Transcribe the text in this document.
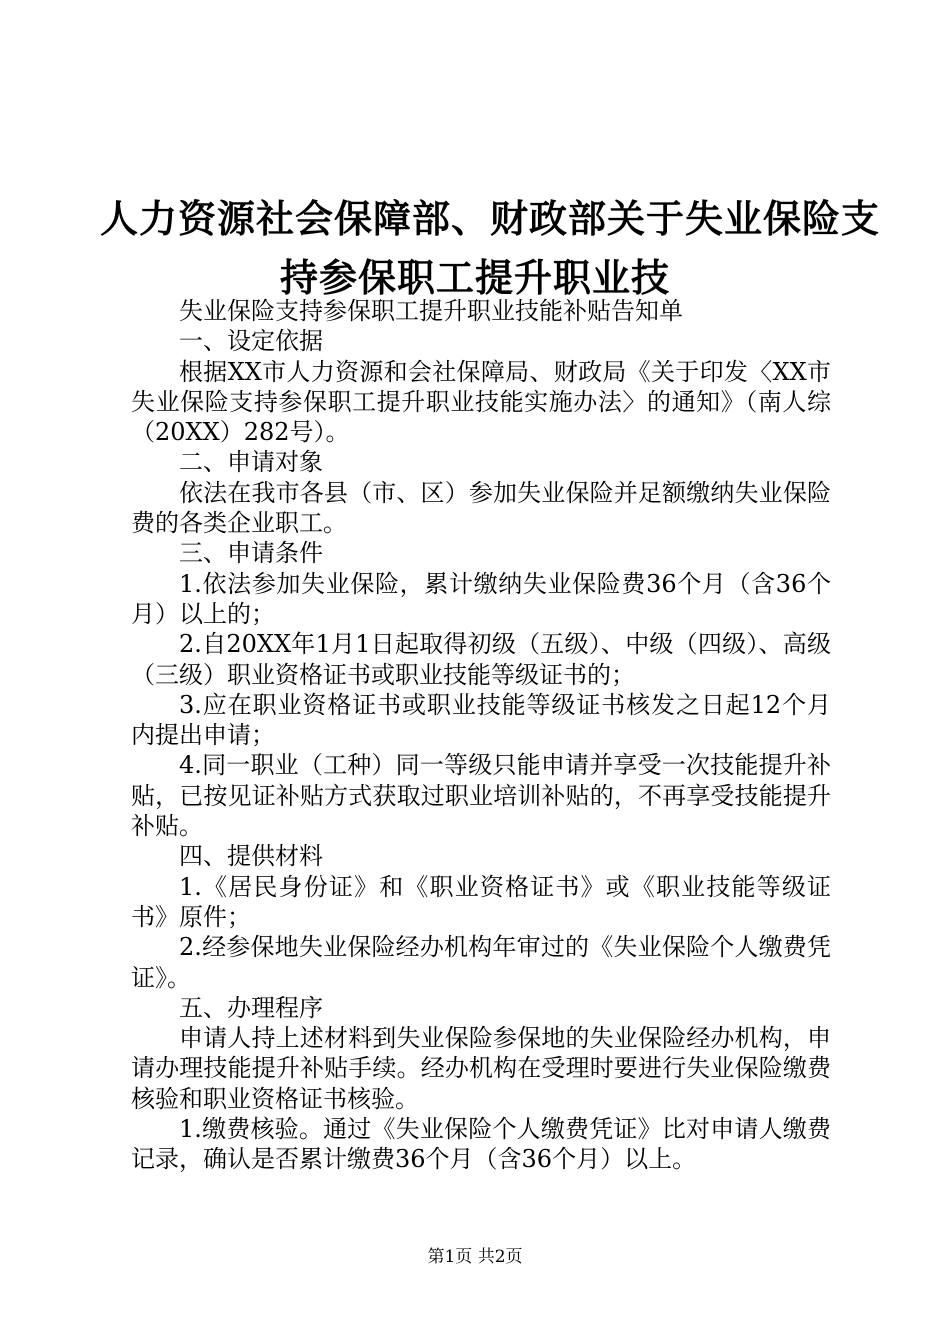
人力资源社会保障部、财政部关于失业保险支
持参保职工提升职业技

失业保险支持参保职工提升职业技能补贴告知单

一、设定依据

根据XX市人力资源和会社保障局、财政局《关于印发〈XX市失业保险支持参保职工提升职业技能实施办法〉的通知》（南人综（20XX）282号）。

二、申请对象

依法在我市各县（市、区）参加失业保险并足额缴纳失业保险费的各类企业职工。

三、申请条件

1.依法参加失业保险，累计缴纳失业保险费36个月（含36个月）以上的；

2.自20XX年1月1日起取得初级（五级）、中级（四级）、高级（三级）职业资格证书或职业技能等级证书的；

3.应在职业资格证书或职业技能等级证书核发之日起12个月内提出申请；

4.同一职业（工种）同一等级只能申请并享受一次技能提升补贴，已按见证补贴方式获取过职业培训补贴的，不再享受技能提升补贴。

四、提供材料

1.《居民身份证》和《职业资格证书》或《职业技能等级证书》原件；

2.经参保地失业保险经办机构年审过的《失业保险个人缴费凭证》。

五、办理程序

申请人持上述材料到失业保险参保地的失业保险经办机构，申请办理技能提升补贴手续。经办机构在受理时要进行失业保险缴费核验和职业资格证书核验。

1.缴费核验。通过《失业保险个人缴费凭证》比对申请人缴费记录，确认是否累计缴费36个月（含36个月）以上。

第1页 共2页
